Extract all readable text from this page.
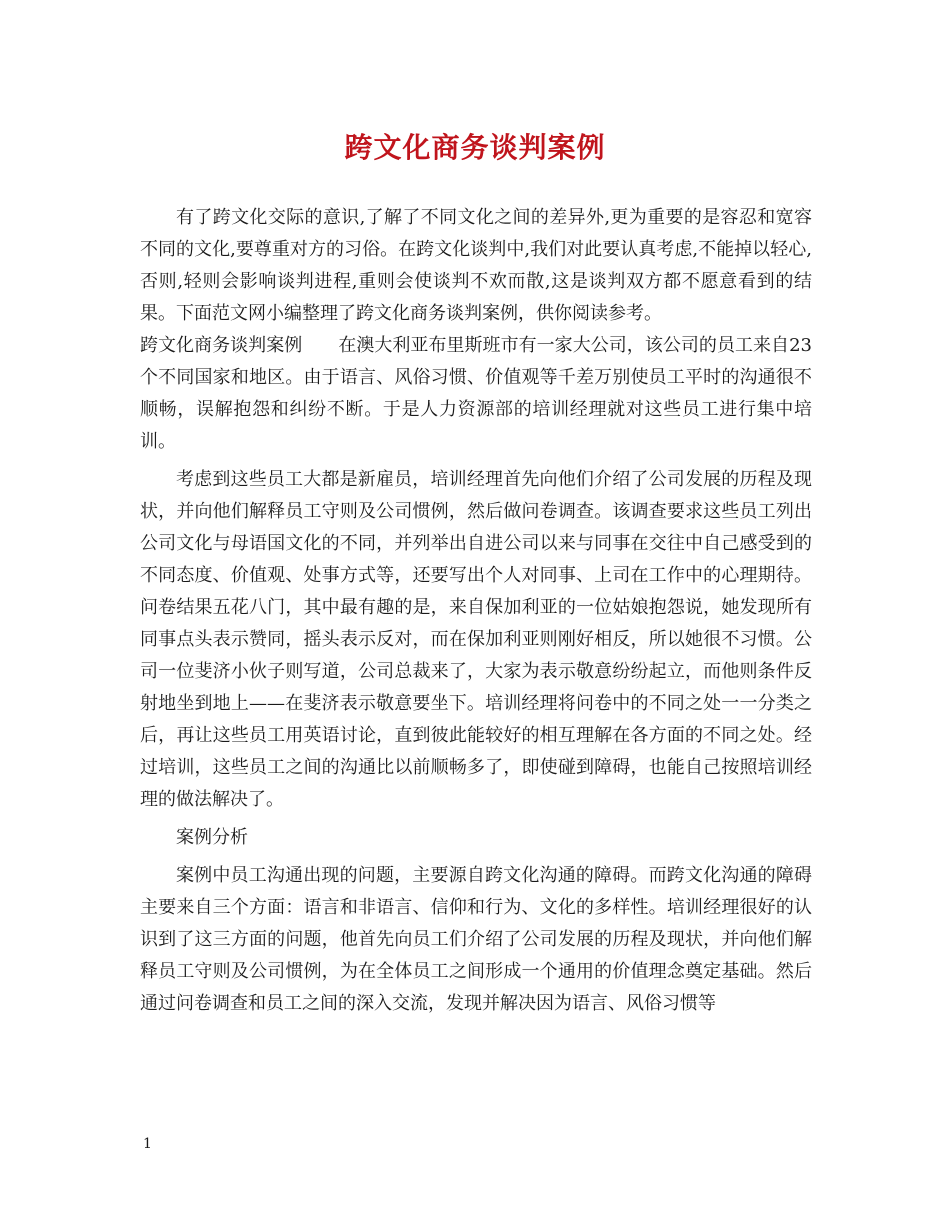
跨文化商务谈判案例

有了跨文化交际的意识,了解了不同文化之间的差异外,更为重要的是容忍和宽容不同的文化,要尊重对方的习俗。在跨文化谈判中,我们对此要认真考虑,不能掉以轻心,否则,轻则会影响谈判进程,重则会使谈判不欢而散,这是谈判双方都不愿意看到的结果。下面范文网小编整理了跨文化商务谈判案例，供你阅读参考。

跨文化商务谈判案例 在澳大利亚布里斯班市有一家大公司，该公司的员工来自23个不同国家和地区。由于语言、风俗习惯、价值观等千差万别使员工平时的沟通很不顺畅，误解抱怨和纠纷不断。于是人力资源部的培训经理就对这些员工进行集中培训。

考虑到这些员工大都是新雇员，培训经理首先向他们介绍了公司发展的历程及现状，并向他们解释员工守则及公司惯例，然后做问卷调查。该调查要求这些员工列出公司文化与母语国文化的不同，并列举出自进公司以来与同事在交往中自己感受到的不同态度、价值观、处事方式等，还要写出个人对同事、上司在工作中的心理期待。问卷结果五花八门，其中最有趣的是，来自保加利亚的一位姑娘抱怨说，她发现所有同事点头表示赞同，摇头表示反对，而在保加利亚则刚好相反，所以她很不习惯。公司一位斐济小伙子则写道，公司总裁来了，大家为表示敬意纷纷起立，而他则条件反射地坐到地上——在斐济表示敬意要坐下。培训经理将问卷中的不同之处一一分类之后，再让这些员工用英语讨论，直到彼此能较好的相互理解在各方面的不同之处。经过培训，这些员工之间的沟通比以前顺畅多了，即使碰到障碍，也能自己按照培训经理的做法解决了。

案例分析

案例中员工沟通出现的问题，主要源自跨文化沟通的障碍。而跨文化沟通的障碍主要来自三个方面：语言和非语言、信仰和行为、文化的多样性。培训经理很好的认识到了这三方面的问题，他首先向员工们介绍了公司发展的历程及现状，并向他们解释员工守则及公司惯例，为在全体员工之间形成一个通用的价值理念奠定基础。然后通过问卷调查和员工之间的深入交流，发现并解决因为语言、风俗习惯等

1
